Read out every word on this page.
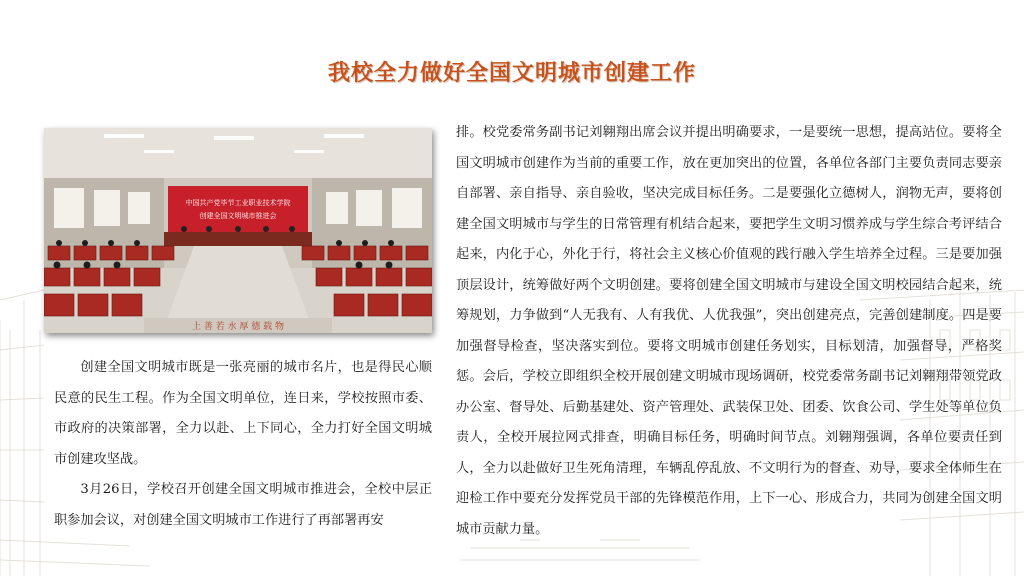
我校全力做好全国文明城市创建工作
中国共产党毕节工业职业技术学院
创建全国文明城市推进会
上 善 若 水 厚 德 载 物

创建全国文明城市既是一张亮丽的城市名片，也是得民心顺民意的民生工程。作为全国文明单位，连日来，学校按照市委、市政府的决策部署，全力以赴、上下同心，全力打好全国文明城市创建攻坚战。

3月26日，学校召开创建全国文明城市推进会，全校中层正职参加会议，对创建全国文明城市工作进行了再部署再安

排。校党委常务副书记刘翱翔出席会议并提出明确要求，一是要统一思想，提高站位。要将全国文明城市创建作为当前的重要工作，放在更加突出的位置，各单位各部门主要负责同志要亲自部署、亲自指导、亲自验收，坚决完成目标任务。二是要强化立德树人，润物无声，要将创建全国文明城市与学生的日常管理有机结合起来，要把学生文明习惯养成与学生综合考评结合起来，内化于心，外化于行，将社会主义核心价值观的践行融入学生培养全过程。三是要加强顶层设计，统筹做好两个文明创建。要将创建全国文明城市与建设全国文明校园结合起来，统筹规划，力争做到“人无我有、人有我优、人优我强”，突出创建亮点，完善创建制度。四是要加强督导检查，坚决落实到位。要将文明城市创建任务划实，目标划清，加强督导，严格奖惩。会后，学校立即组织全校开展创建文明城市现场调研，校党委常务副书记刘翱翔带领党政办公室、督导处、后勤基建处、资产管理处、武装保卫处、团委、饮食公司、学生处等单位负责人，全校开展拉网式排查，明确目标任务，明确时间节点。刘翱翔强调，各单位要责任到人，全力以赴做好卫生死角清理，车辆乱停乱放、不文明行为的督查、劝导，要求全体师生在迎检工作中要充分发挥党员干部的先锋模范作用，上下一心、形成合力，共同为创建全国文明城市贡献力量。
